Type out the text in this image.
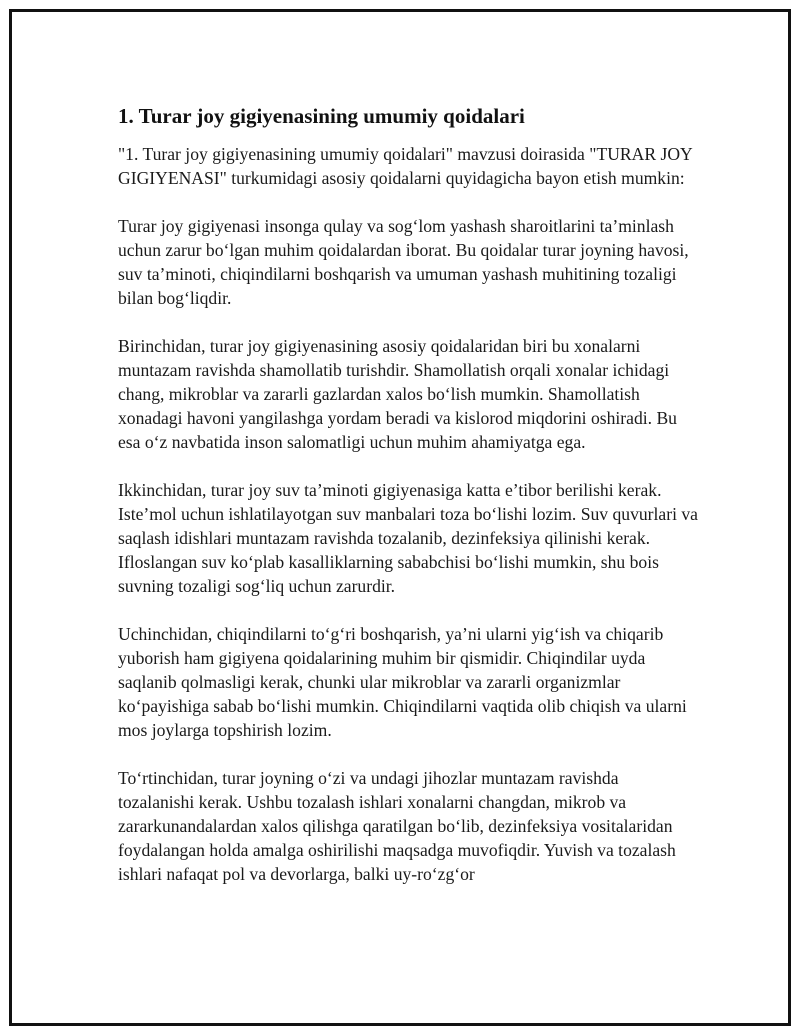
1. Turar joy gigiyenasining umumiy qoidalari

"1. Turar joy gigiyenasining umumiy qoidalari" mavzusi doirasida "TURAR JOY GIGIYENASI" turkumidagi asosiy qoidalarni quyidagicha bayon etish mumkin:

Turar joy gigiyenasi insonga qulay va sog‘lom yashash sharoitlarini ta’minlash uchun zarur bo‘lgan muhim qoidalardan iborat. Bu qoidalar turar joyning havosi, suv ta’minoti, chiqindilarni boshqarish va umuman yashash muhitining tozaligi bilan bog‘liqdir.

Birinchidan, turar joy gigiyenasining asosiy qoidalaridan biri bu xonalarni muntazam ravishda shamollatib turishdir. Shamollatish orqali xonalar ichidagi chang, mikroblar va zararli gazlardan xalos bo‘lish mumkin. Shamollatish xonadagi havoni yangilashga yordam beradi va kislorod miqdorini oshiradi. Bu esa o‘z navbatida inson salomatligi uchun muhim ahamiyatga ega.

Ikkinchidan, turar joy suv ta’minoti gigiyenasiga katta e’tibor berilishi kerak. Iste’mol uchun ishlatilayotgan suv manbalari toza bo‘lishi lozim. Suv quvurlari va saqlash idishlari muntazam ravishda tozalanib, dezinfeksiya qilinishi kerak. Ifloslangan suv ko‘plab kasalliklarning sababchisi bo‘lishi mumkin, shu bois suvning tozaligi sog‘liq uchun zarurdir.

Uchinchidan, chiqindilarni to‘g‘ri boshqarish, ya’ni ularni yig‘ish va chiqarib yuborish ham gigiyena qoidalarining muhim bir qismidir. Chiqindilar uyda saqlanib qolmasligi kerak, chunki ular mikroblar va zararli organizmlar ko‘payishiga sabab bo‘lishi mumkin. Chiqindilarni vaqtida olib chiqish va ularni mos joylarga topshirish lozim.

To‘rtinchidan, turar joyning o‘zi va undagi jihozlar muntazam ravishda tozalanishi kerak. Ushbu tozalash ishlari xonalarni changdan, mikrob va zararkunandalardan xalos qilishga qaratilgan bo‘lib, dezinfeksiya vositalaridan foydalangan holda amalga oshirilishi maqsadga muvofiqdir. Yuvish va tozalash ishlari nafaqat pol va devorlarga, balki uy-ro‘zg‘or
